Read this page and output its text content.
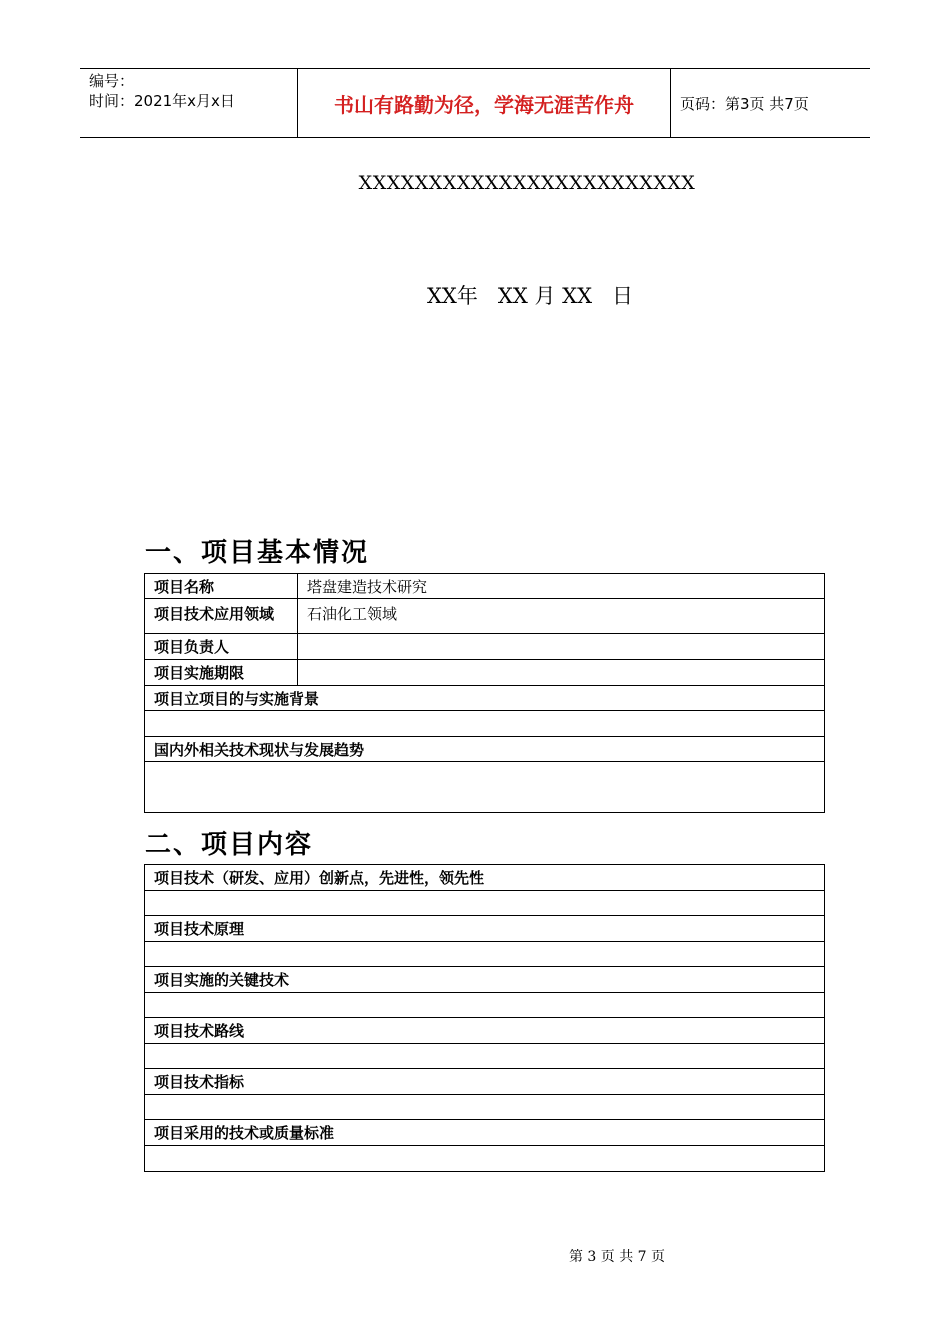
编号：
时间：2021年x月x日	书山有路勤为径，学海无涯苦作舟	页码：第3页 共7页
XXXXXXXXXXXXXXXXXXXXXXXX
XX年   XX 月 XX   日
一、项目基本情况
项目名称	塔盘建造技术研究
项目技术应用领域	石油化工领域
项目负责人	
项目实施期限	
项目立项目的与实施背景	

国内外相关技术现状与发展趋势	

二、项目内容
项目技术（研发、应用）创新点，先进性，领先性

项目技术原理

项目实施的关键技术

项目技术路线

项目技术指标

项目采用的技术或质量标准

第 3 页 共 7 页
